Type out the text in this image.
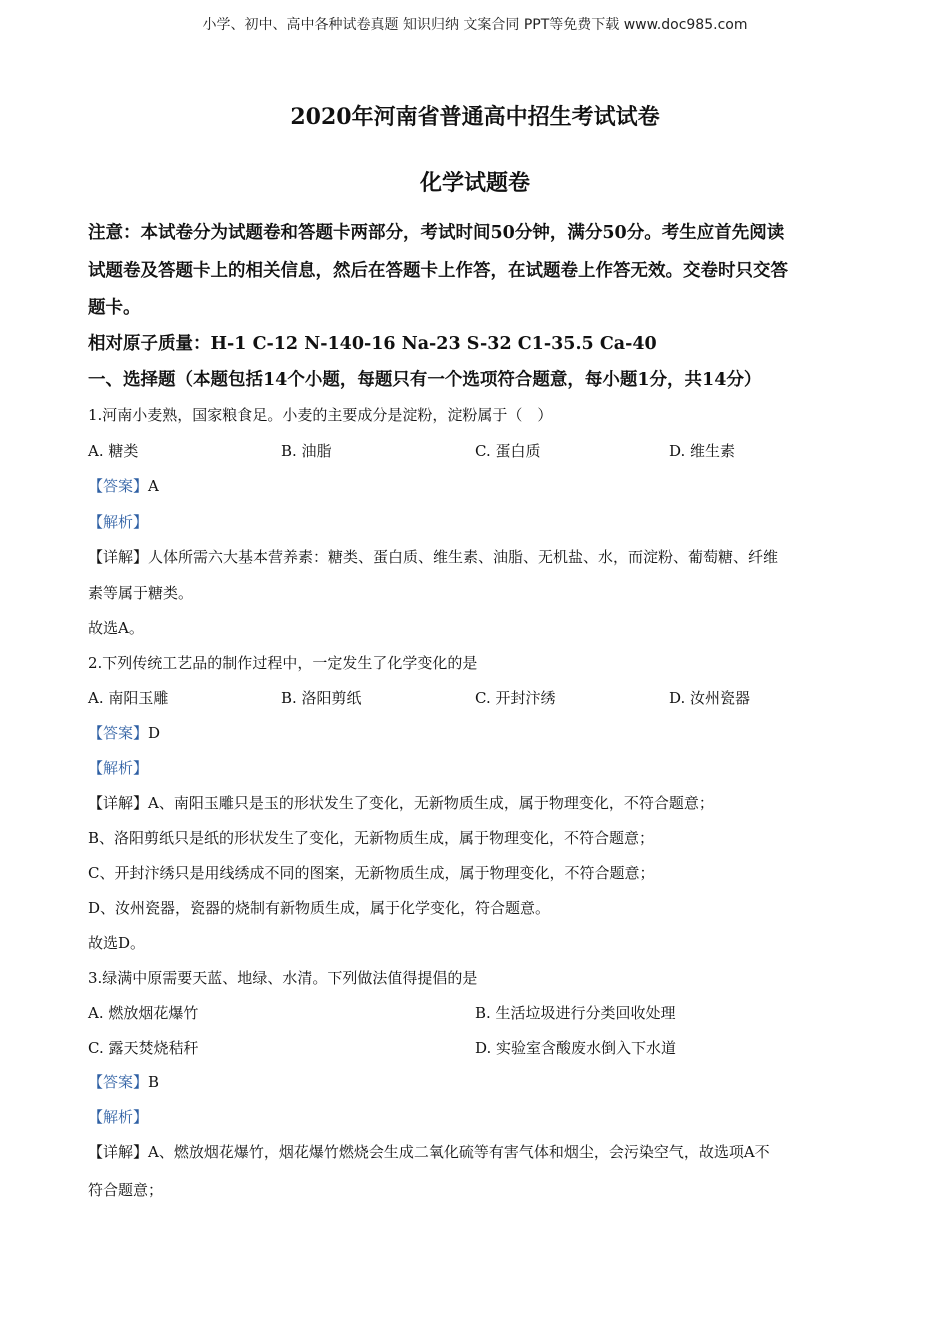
小学、初中、高中各种试卷真题 知识归纳 文案合同 PPT等免费下载 www.doc985.com
2020年河南省普通高中招生考试试卷
化学试题卷
注意：本试卷分为试题卷和答题卡两部分，考试时间50分钟，满分50分。考生应首先阅读
试题卷及答题卡上的相关信息，然后在答题卡上作答，在试题卷上作答无效。交卷时只交答
题卡。
相对原子质量：H-1 C-12 N-140-16 Na-23 S-32 C1-35.5 Ca-40
一、选择题（本题包括14个小题，每题只有一个选项符合题意，每小题1分，共14分）
1.河南小麦熟，国家粮食足。小麦的主要成分是淀粉，淀粉属于（　）
A. 糖类	B. 油脂	C. 蛋白质	D. 维生素
【答案】A
【解析】
【详解】人体所需六大基本营养素：糖类、蛋白质、维生素、油脂、无机盐、水，而淀粉、葡萄糖、纤维
素等属于糖类。
故选A。
2.下列传统工艺品的制作过程中，一定发生了化学变化的是
A. 南阳玉雕	B. 洛阳剪纸	C. 开封汴绣	D. 汝州瓷器
【答案】D
【解析】
【详解】A、南阳玉雕只是玉的形状发生了变化，无新物质生成，属于物理变化，不符合题意；
B、洛阳剪纸只是纸的形状发生了变化，无新物质生成，属于物理变化，不符合题意；
C、开封汴绣只是用线绣成不同的图案，无新物质生成，属于物理变化，不符合题意；
D、汝州瓷器，瓷器的烧制有新物质生成，属于化学变化，符合题意。
故选D。
3.绿满中原需要天蓝、地绿、水清。下列做法值得提倡的是
A. 燃放烟花爆竹	B. 生活垃圾进行分类回收处理
C. 露天焚烧秸秆	D. 实验室含酸废水倒入下水道
【答案】B
【解析】
【详解】A、燃放烟花爆竹，烟花爆竹燃烧会生成二氧化硫等有害气体和烟尘，会污染空气，故选项A不
符合题意；
